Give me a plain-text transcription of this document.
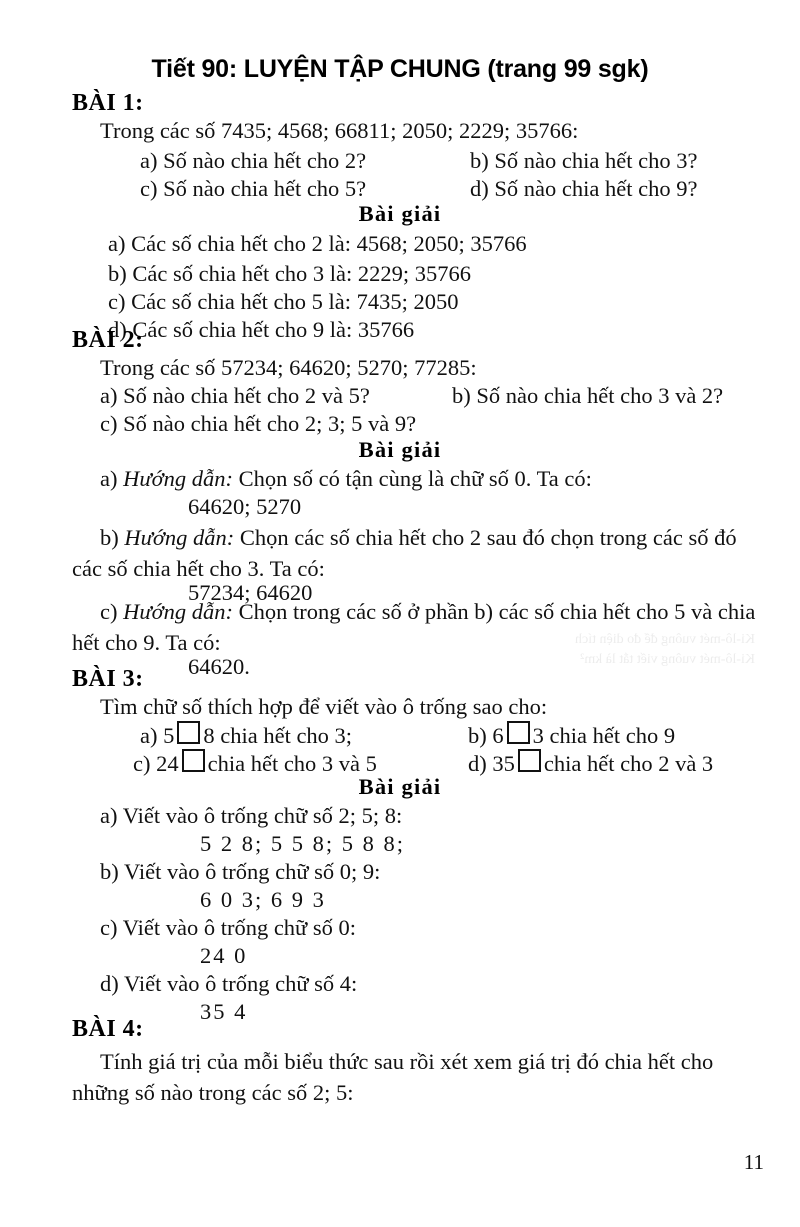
Tiết 90: LUYỆN TẬP CHUNG (trang 99 sgk)
BÀI 1:
Trong các số 7435; 4568; 66811; 2050; 2229; 35766:
a) Số nào chia hết cho 2?	b) Số nào chia hết cho 3?
c) Số nào chia hết cho 5?	d) Số nào chia hết cho 9?
Bài giải
a) Các số chia hết cho 2 là: 4568; 2050; 35766
b) Các số chia hết cho 3 là: 2229; 35766
c) Các số chia hết cho 5 là: 7435; 2050
d) Các số chia hết cho 9 là: 35766
BÀI 2:
Trong các số 57234; 64620; 5270; 77285:
a) Số nào chia hết cho 2 và 5?	b) Số nào chia hết cho 3 và 2?
c) Số nào chia hết cho 2; 3; 5 và 9?
Bài giải
a) Hướng dẫn: Chọn số có tận cùng là chữ số 0. Ta có:
64620; 5270
b) Hướng dẫn: Chọn các số chia hết cho 2 sau đó chọn trong các số đó các số chia hết cho 3. Ta có:
57234; 64620
c) Hướng dẫn: Chọn trong các số ở phần b) các số chia hết cho 5 và chia hết cho 9. Ta có:
64620.
Ki-lô-mét vuông để đo diện tích
Ki-lô-mét vuông viết tắt là km²
BÀI 3:
Tìm chữ số thích hợp để viết vào ô trống sao cho:
a) 5 8 chia hết cho 3;	b) 6 3 chia hết cho 9
c) 24 chia hết cho 3 và 5	d) 35 chia hết cho 2 và 3
Bài giải
a) Viết vào ô trống chữ số 2; 5; 8:
5 2 8; 5 5 8; 5 8 8;
b) Viết vào ô trống chữ số 0; 9:
6 0 3; 6 9 3
c) Viết vào ô trống chữ số 0:
24 0
d) Viết vào ô trống chữ số 4:
35 4
BÀI 4:
Tính giá trị của mỗi biểu thức sau rồi xét xem giá trị đó chia hết cho những số nào trong các số 2; 5:
11
